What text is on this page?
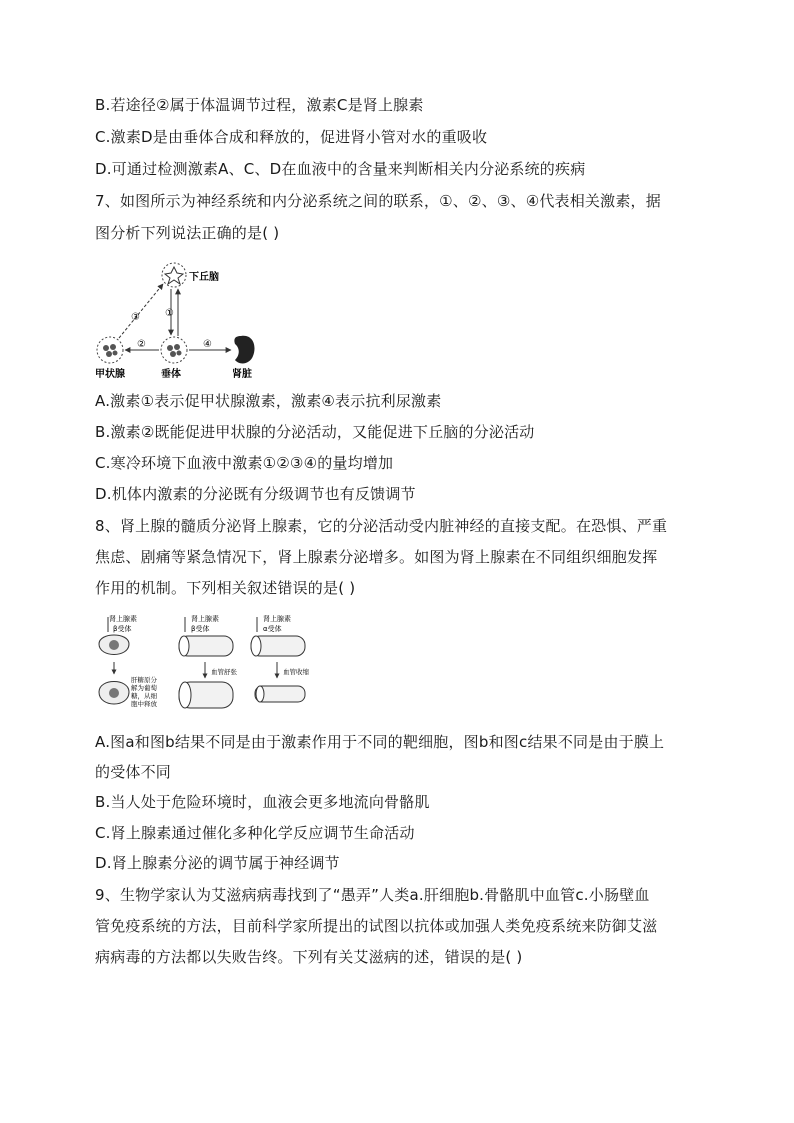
B.若途径②属于体温调节过程，激素C是肾上腺素
C.激素D是由垂体合成和释放的，促进肾小管对水的重吸收
D.可通过检测激素A、C、D在血液中的含量来判断相关内分泌系统的疾病
7、如图所示为神经系统和内分泌系统之间的联系，①、②、③、④代表相关激素，据
图分析下列说法正确的是( )
下丘脑
甲状腺	垂体	肾脏
①
②
③
④
A.激素①表示促甲状腺激素，激素④表示抗利尿激素
B.激素②既能促进甲状腺的分泌活动，又能促进下丘脑的分泌活动
C.寒冷环境下血液中激素①②③④的量均增加
D.机体内激素的分泌既有分级调节也有反馈调节
8、肾上腺的髓质分泌肾上腺素，它的分泌活动受内脏神经的直接支配。在恐惧、严重
焦虑、剧痛等紧急情况下，肾上腺素分泌增多。如图为肾上腺素在不同组织细胞发挥
作用的机制。下列相关叙述错误的是( )
肾上腺素
β受体
肝糖原分
解为葡萄
糖，从细
胞中释放
肾上腺素
β受体
血管舒张
肾上腺素
α受体
血管收缩
A.图a和图b结果不同是由于激素作用于不同的靶细胞，图b和图c结果不同是由于膜上
的受体不同
B.当人处于危险环境时，血液会更多地流向骨骼肌
C.肾上腺素通过催化多种化学反应调节生命活动
D.肾上腺素分泌的调节属于神经调节
9、生物学家认为艾滋病病毒找到了“愚弄”人类a.肝细胞b.骨骼肌中血管c.小肠壁血
管免疫系统的方法，目前科学家所提出的试图以抗体或加强人类免疫系统来防御艾滋
病病毒的方法都以失败告终。下列有关艾滋病的述，错误的是( )
